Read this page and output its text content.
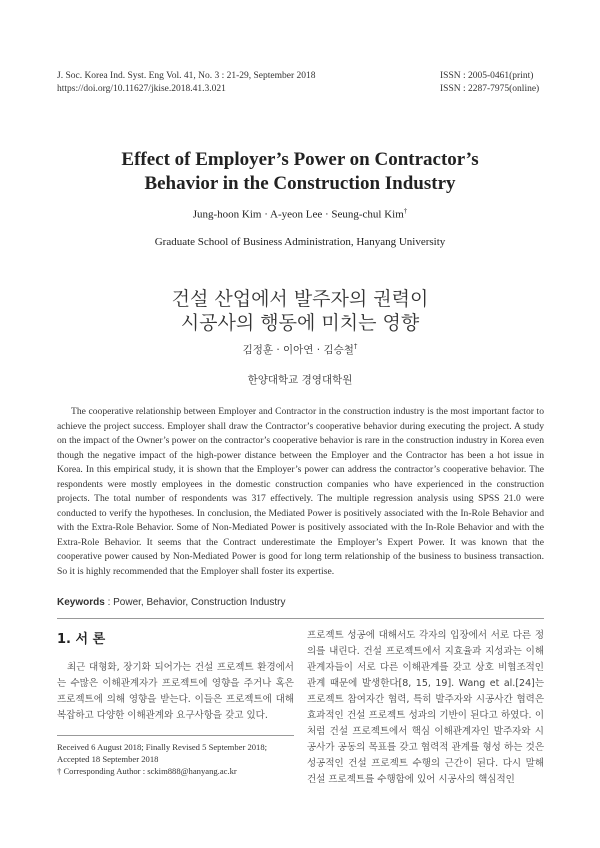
J. Soc. Korea Ind. Syst. Eng Vol. 41, No. 3 : 21-29, September 2018
https://doi.org/10.11627/jkise.2018.41.3.021
ISSN : 2005-0461(print)
ISSN : 2287-7975(online)
Effect of Employer’s Power on Contractor’s
Behavior in the Construction Industry
Jung-hoon Kim · A-yeon Lee · Seung-chul Kim†
Graduate School of Business Administration, Hanyang University
건설 산업에서 발주자의 권력이
시공사의 행동에 미치는 영향
김정훈 · 이아연 · 김승철†
한양대학교 경영대학원
The cooperative relationship between Employer and Contractor in the construction industry is the most important factor to achieve the project success. Employer shall draw the Contractor’s cooperative behavior during executing the project. A study on the impact of the Owner’s power on the contractor’s cooperative behavior is rare in the construction industry in Korea even though the negative impact of the high-power distance between the Employer and the Contractor has been a hot issue in Korea. In this empirical study, it is shown that the Employer’s power can address the contractor’s cooperative behavior. The respondents were mostly employees in the domestic construction companies who have experienced in the construction projects. The total number of respondents was 317 effectively. The multiple regression analysis using SPSS 21.0 were conducted to verify the hypotheses. In conclusion, the Mediated Power is positively associated with the In-Role Behavior and with the Extra-Role Behavior. Some of Non-Mediated Power is positively associated with the In-Role Behavior and with the Extra-Role Behavior. It seems that the Contract underestimate the Employer’s Expert Power. It was known that the cooperative power caused by Non-Mediated Power is good for long term relationship of the business to business transaction. So it is highly recommended that the Employer shall foster its expertise.
Keywords : Power, Behavior, Construction Industry
1. 서 론
최근 대형화, 장기화 되어가는 건설 프로젝트 환경에서는 수많은 이해관계자가 프로젝트에 영향을 주거나 혹은 프로젝트에 의해 영향을 받는다. 이들은 프로젝트에 대해 복잡하고 다양한 이해관계와 요구사항을 갖고 있다.
프로젝트 성공에 대해서도 각자의 입장에서 서로 다른 정의를 내린다. 건설 프로젝트에서 지효율과 지성과는 이해관계자들이 서로 다른 이해관계를 갖고 상호 비협조적인 관계 때문에 발생한다[8, 15, 19]. Wang et al.[24]는 프로젝트 참여자간 협력, 특히 발주자와 시공사간 협력은 효과적인 건설 프로젝트 성과의 기반이 된다고 하였다. 이처럼 건설 프로젝트에서 핵심 이해관계자인 발주자와 시공사가 공동의 목표를 갖고 협력적 관계를 형성 하는 것은 성공적인 건설 프로젝트 수행의 근간이 된다. 다시 말해 건설 프로젝트를 수행함에 있어 시공사의 핵심적인
Received 6 August 2018; Finally Revised 5 September 2018;
Accepted 18 September 2018
† Corresponding Author : sckim888@hanyang.ac.kr
